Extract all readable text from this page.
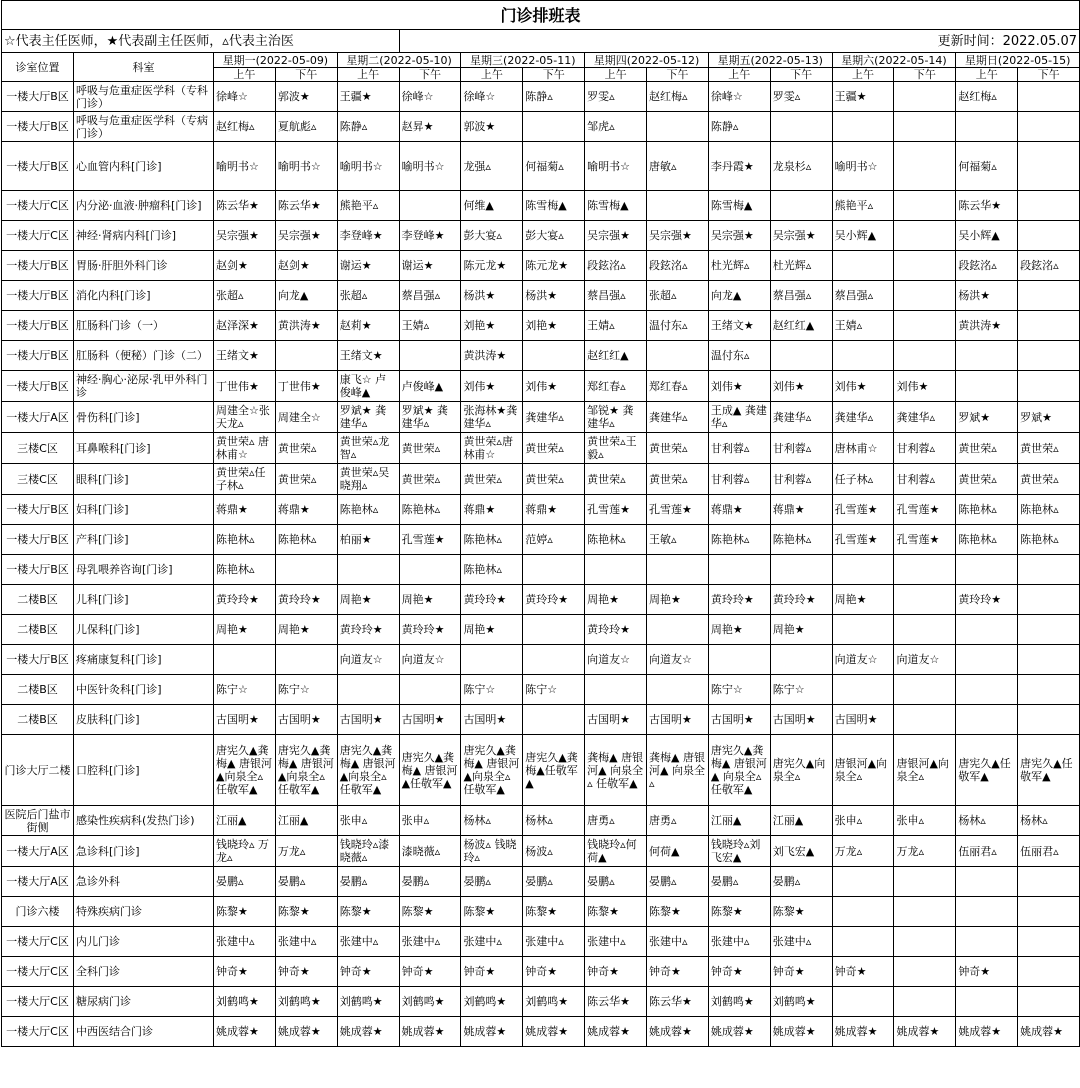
门诊排班表															
☆代表主任医师，★代表副主任医师，▵代表主治医					更新时间：2022.05.07										
诊室位置	科室	星期一(2022-05-09)		星期二(2022-05-10)		星期三(2022-05-11)		星期四(2022-05-12)		星期五(2022-05-13)		星期六(2022-05-14)		星期日(2022-05-15)	
		上午	下午	上午	下午	上午	下午	上午	下午	上午	下午	上午	下午	上午	下午
一楼大厅B区	呼吸与危重症医学科（专科门诊）	徐峰☆	郭波★	王疆★	徐峰☆	徐峰☆	陈静▵	罗雯▵	赵红梅▵	徐峰☆	罗雯▵	王疆★		赵红梅▵	
一楼大厅B区	呼吸与危重症医学科（专病门诊）	赵红梅▵	夏航彪▵	陈静▵	赵昇★	郭波★		邹虎▵		陈静▵					
一楼大厅B区	心血管内科[门诊]	喻明书☆	喻明书☆	喻明书☆	喻明书☆	龙强▵	何福菊▵	喻明书☆	唐敏▵	李丹霞★	龙泉杉▵	喻明书☆		何福菊▵	
一楼大厅C区	内分泌·血液·肿瘤科[门诊]	陈云华★	陈云华★	熊艳平▵		何维▲	陈雪梅▲	陈雪梅▲		陈雪梅▲		熊艳平▵		陈云华★	
一楼大厅C区	神经·肾病内科[门诊]	吴宗强★	吴宗强★	李登峰★	李登峰★	彭大宴▵	彭大宴▵	吴宗强★	吴宗强★	吴宗强★	吴宗强★	吴小辉▲		吴小辉▲	
一楼大厅B区	胃肠·肝胆外科门诊	赵剑★	赵剑★	谢运★	谢运★	陈元龙★	陈元龙★	段鉉洺▵	段鉉洺▵	杜光辉▵	杜光辉▵			段鉉洺▵	段鉉洺▵
一楼大厅B区	消化内科[门诊]	张超▵	向龙▲	张超▵	蔡昌强▵	杨洪★	杨洪★	蔡昌强▵	张超▵	向龙▲	蔡昌强▵	蔡昌强▵		杨洪★	
一楼大厅B区	肛肠科门诊（一）	赵泽深★	黄洪涛★	赵莉★	王婧▵	刘艳★	刘艳★	王婧▵	温付东▵	王绪文★	赵红红▲	王婧▵		黄洪涛★	
一楼大厅B区	肛肠科（便秘）门诊（二）	王绪文★		王绪文★		黄洪涛★		赵红红▲		温付东▵					
一楼大厅B区	神经·胸心·泌尿·乳甲外科门诊	丁世伟★	丁世伟★	康飞☆ 卢俊峰▲	卢俊峰▲	刘伟★	刘伟★	郑红春▵	郑红春▵	刘伟★	刘伟★	刘伟★	刘伟★		
一楼大厅A区	骨伤科[门诊]	周建全☆张天龙▵	周建全☆	罗斌★ 龚建华▵	罗斌★ 龚建华▵	张海林★龚建华▵	龚建华▵	邹锐★ 龚建华▵	龚建华▵	王成▲ 龚建华▵	龚建华▵	龚建华▵	龚建华▵	罗斌★	罗斌★
三楼C区	耳鼻喉科[门诊]	黄世荣▵ 唐林甫☆	黄世荣▵	黄世荣▵龙智▵	黄世荣▵	黄世荣▵唐林甫☆	黄世荣▵	黄世荣▵王毅▵	黄世荣▵	甘利蓉▵	甘利蓉▵	唐林甫☆	甘利蓉▵	黄世荣▵	黄世荣▵
三楼C区	眼科[门诊]	黄世荣▵任子林▵	黄世荣▵	黄世荣▵吴晓翔▵	黄世荣▵	黄世荣▵	黄世荣▵	黄世荣▵	黄世荣▵	甘利蓉▵	甘利蓉▵	任子林▵	甘利蓉▵	黄世荣▵	黄世荣▵
一楼大厅B区	妇科[门诊]	蒋鼎★	蒋鼎★	陈艳林▵	陈艳林▵	蒋鼎★	蒋鼎★	孔雪莲★	孔雪莲★	蒋鼎★	蒋鼎★	孔雪莲★	孔雪莲★	陈艳林▵	陈艳林▵
一楼大厅B区	产科[门诊]	陈艳林▵	陈艳林▵	柏丽★	孔雪莲★	陈艳林▵	范婷▵	陈艳林▵	王敏▵	陈艳林▵	陈艳林▵	孔雪莲★	孔雪莲★	陈艳林▵	陈艳林▵
一楼大厅B区	母乳喂养咨询[门诊]	陈艳林▵				陈艳林▵									
二楼B区	儿科[门诊]	黄玲玲★	黄玲玲★	周艳★	周艳★	黄玲玲★	黄玲玲★	周艳★	周艳★	黄玲玲★	黄玲玲★	周艳★		黄玲玲★	
二楼B区	儿保科[门诊]	周艳★	周艳★	黄玲玲★	黄玲玲★	周艳★		黄玲玲★		周艳★	周艳★				
一楼大厅B区	疼痛康复科[门诊]			向道友☆	向道友☆			向道友☆	向道友☆			向道友☆	向道友☆		
二楼B区	中医针灸科[门诊]	陈宁☆	陈宁☆			陈宁☆	陈宁☆			陈宁☆	陈宁☆				
二楼B区	皮肤科[门诊]	古国明★	古国明★	古国明★	古国明★	古国明★		古国明★	古国明★	古国明★	古国明★	古国明★			
门诊大厅二楼	口腔科[门诊]	唐宪久▲龚梅▲ 唐银河▲向泉全▵任敬军▲	唐宪久▲龚梅▲ 唐银河▲向泉全▵任敬军▲	唐宪久▲龚梅▲ 唐银河▲向泉全▵任敬军▲	唐宪久▲龚梅▲ 唐银河▲任敬军▲	唐宪久▲龚梅▲ 唐银河▲向泉全▵任敬军▲	唐宪久▲龚梅▲任敬军▲	龚梅▲ 唐银河▲ 向泉全▵ 任敬军▲	龚梅▲ 唐银河▲ 向泉全▵	唐宪久▲龚梅▲ 唐银河▲ 向泉全▵任敬军▲	唐宪久▲向泉全▵	唐银河▲向泉全▵	唐银河▲向泉全▵	唐宪久▲任敬军▲	唐宪久▲任敬军▲
医院后门盐市街侧	感染性疾病科(发热门诊)	江丽▲	江丽▲	张申▵	张申▵	杨林▵	杨林▵	唐勇▵	唐勇▵	江丽▲	江丽▲	张申▵	张申▵	杨林▵	杨林▵
一楼大厅A区	急诊科[门诊]	钱晓玲▵ 万龙▵	万龙▵	钱晓玲▵漆晓薇▵	漆晓薇▵	杨波▵ 钱晓玲▵	杨波▵	钱晓玲▵何荷▲	何荷▲	钱晓玲▵刘飞宏▲	刘飞宏▲	万龙▵	万龙▵	伍丽君▵	伍丽君▵
一楼大厅A区	急诊外科	晏鹏▵	晏鹏▵	晏鹏▵	晏鹏▵	晏鹏▵	晏鹏▵	晏鹏▵	晏鹏▵	晏鹏▵	晏鹏▵				
门诊六楼	特殊疾病门诊	陈黎★	陈黎★	陈黎★	陈黎★	陈黎★	陈黎★	陈黎★	陈黎★	陈黎★	陈黎★				
一楼大厅C区	内儿门诊	张建中▵	张建中▵	张建中▵	张建中▵	张建中▵	张建中▵	张建中▵	张建中▵	张建中▵	张建中▵				
一楼大厅C区	全科门诊	钟奇★	钟奇★	钟奇★	钟奇★	钟奇★	钟奇★	钟奇★	钟奇★	钟奇★	钟奇★	钟奇★		钟奇★	
一楼大厅C区	糖尿病门诊	刘鹤鸣★	刘鹤鸣★	刘鹤鸣★	刘鹤鸣★	刘鹤鸣★	刘鹤鸣★	陈云华★	陈云华★	刘鹤鸣★	刘鹤鸣★				
一楼大厅C区	中西医结合门诊	姚成蓉★	姚成蓉★	姚成蓉★	姚成蓉★	姚成蓉★	姚成蓉★	姚成蓉★	姚成蓉★	姚成蓉★	姚成蓉★	姚成蓉★	姚成蓉★	姚成蓉★	姚成蓉★
